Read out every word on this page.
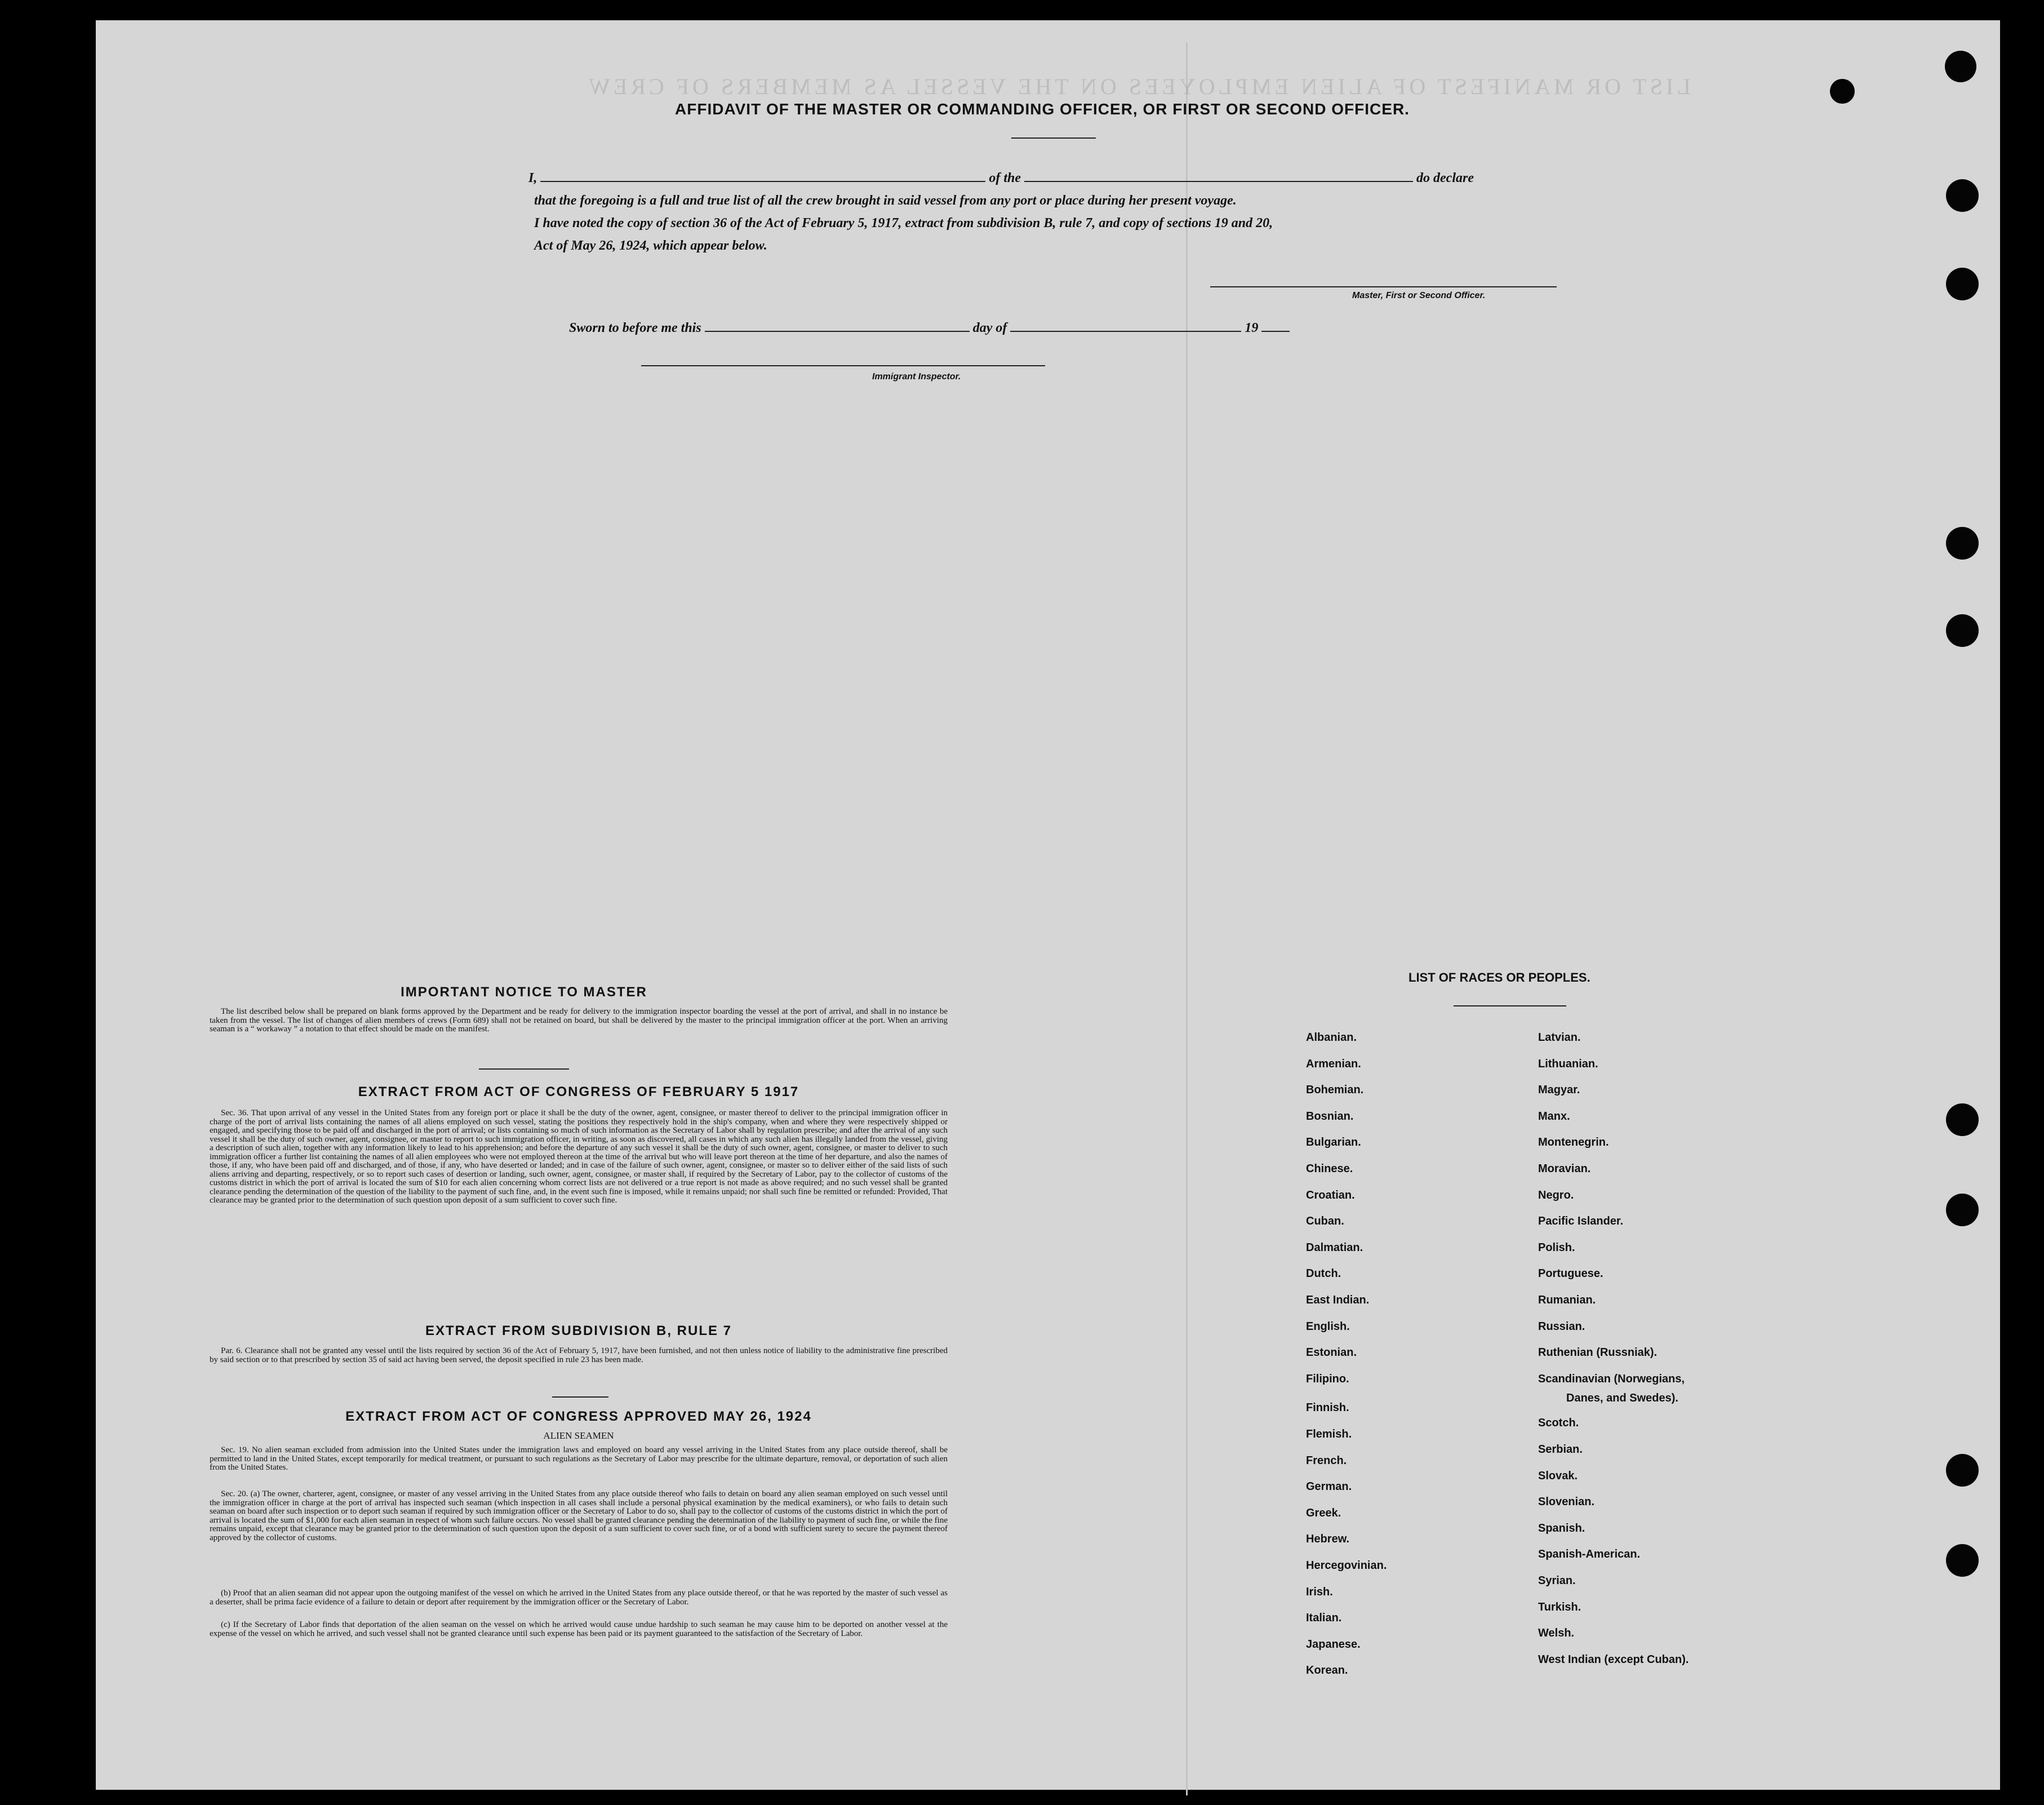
LIST OR MANIFEST OF ALIEN EMPLOYEES ON THE VESSEL AS MEMBERS OF CREW
AFFIDAVIT OF THE MASTER OR COMMANDING OFFICER, OR FIRST OR SECOND OFFICER.
I,	of the	do declare
that the foregoing is a full and true list of all the crew brought in said vessel from any port or place during her present voyage.
I have noted the copy of section 36 of the Act of February 5, 1917, extract from subdivision B, rule 7, and copy of sections 19 and 20,
Act of May 26, 1924, which appear below.
Master, First or Second Officer.
Sworn to before me this	day of	19
Immigrant Inspector.
IMPORTANT NOTICE TO MASTER
The list described below shall be prepared on blank forms approved by the Department and be ready for delivery to the immigration inspector boarding the vessel at the port of arrival, and shall in no instance be taken from the vessel. The list of changes of alien members of crews (Form 689) shall not be retained on board, but shall be delivered by the master to the principal immigration officer at the port. When an arriving seaman is a “ workaway ” a notation to that effect should be made on the manifest.
EXTRACT FROM ACT OF CONGRESS OF FEBRUARY 5 1917
Sec. 36. That upon arrival of any vessel in the United States from any foreign port or place it shall be the duty of the owner, agent, consignee, or master thereof to deliver to the principal immigration officer in charge of the port of arrival lists containing the names of all aliens employed on such vessel, stating the positions they respectively hold in the ship's company, when and where they were respectively shipped or engaged, and specifying those to be paid off and discharged in the port of arrival; or lists containing so much of such information as the Secretary of Labor shall by regulation prescribe; and after the arrival of any such vessel it shall be the duty of such owner, agent, consignee, or master to report to such immigration officer, in writing, as soon as discovered, all cases in which any such alien has illegally landed from the vessel, giving a description of such alien, together with any information likely to lead to his apprehension; and before the departure of any such vessel it shall be the duty of such owner, agent, consignee, or master to deliver to such immigration officer a further list containing the names of all alien employees who were not employed thereon at the time of the arrival but who will leave port thereon at the time of her departure, and also the names of those, if any, who have been paid off and discharged, and of those, if any, who have deserted or landed; and in case of the failure of such owner, agent, consignee, or master so to deliver either of the said lists of such aliens arriving and departing, respectively, or so to report such cases of desertion or landing, such owner, agent, consignee, or master shall, if required by the Secretary of Labor, pay to the collector of customs of the customs district in which the port of arrival is located the sum of $10 for each alien concerning whom correct lists are not delivered or a true report is not made as above required; and no such vessel shall be granted clearance pending the determination of the question of the liability to the payment of such fine, and, in the event such fine is imposed, while it remains unpaid; nor shall such fine be remitted or refunded: Provided, That clearance may be granted prior to the determination of such question upon deposit of a sum sufficient to cover such fine.
EXTRACT FROM SUBDIVISION B, RULE 7
Par. 6. Clearance shall not be granted any vessel until the lists required by section 36 of the Act of February 5, 1917, have been furnished, and not then unless notice of liability to the administrative fine prescribed by said section or to that prescribed by section 35 of said act having been served, the deposit specified in rule 23 has been made.
EXTRACT FROM ACT OF CONGRESS APPROVED MAY 26, 1924
ALIEN SEAMEN
Sec. 19. No alien seaman excluded from admission into the United States under the immigration laws and employed on board any vessel arriving in the United States from any place outside thereof, shall be permitted to land in the United States, except temporarily for medical treatment, or pursuant to such regulations as the Secretary of Labor may prescribe for the ultimate departure, removal, or deportation of such alien from the United States.
Sec. 20. (a) The owner, charterer, agent, consignee, or master of any vessel arriving in the United States from any place outside thereof who fails to detain on board any alien seaman employed on such vessel until the immigration officer in charge at the port of arrival has inspected such seaman (which inspection in all cases shall include a personal physical examination by the medical examiners), or who fails to detain such seaman on board after such inspection or to deport such seaman if required by such immigration officer or the Secretary of Labor to do so, shall pay to the collector of customs of the customs district in which the port of arrival is located the sum of $1,000 for each alien seaman in respect of whom such failure occurs. No vessel shall be granted clearance pending the determination of the liability to payment of such fine, or while the fine remains unpaid, except that clearance may be granted prior to the determination of such question upon the deposit of a sum sufficient to cover such fine, or of a bond with sufficient surety to secure the payment thereof approved by the collector of customs.
(b) Proof that an alien seaman did not appear upon the outgoing manifest of the vessel on which he arrived in the United States from any place outside thereof, or that he was reported by the master of such vessel as a deserter, shall be prima facie evidence of a failure to detain or deport after requirement by the immigration officer or the Secretary of Labor.
(c) If the Secretary of Labor finds that deportation of the alien seaman on the vessel on which he arrived would cause undue hardship to such seaman he may cause him to be deported on another vessel at the expense of the vessel on which he arrived, and such vessel shall not be granted clearance until such expense has been paid or its payment guaranteed to the satisfaction of the Secretary of Labor.
LIST OF RACES OR PEOPLES.
Albanian.
Armenian.
Bohemian.
Bosnian.
Bulgarian.
Chinese.
Croatian.
Cuban.
Dalmatian.
Dutch.
East Indian.
English.
Estonian.
Filipino.
Finnish.
Flemish.
French.
German.
Greek.
Hebrew.
Hercegovinian.
Irish.
Italian.
Japanese.
Korean.
Latvian.
Lithuanian.
Magyar.
Manx.
Montenegrin.
Moravian.
Negro.
Pacific Islander.
Polish.
Portuguese.
Rumanian.
Russian.
Ruthenian (Russniak).
Scandinavian (Norwegians,
Danes, and Swedes).
Scotch.
Serbian.
Slovak.
Slovenian.
Spanish.
Spanish-American.
Syrian.
Turkish.
Welsh.
West Indian (except Cuban).
